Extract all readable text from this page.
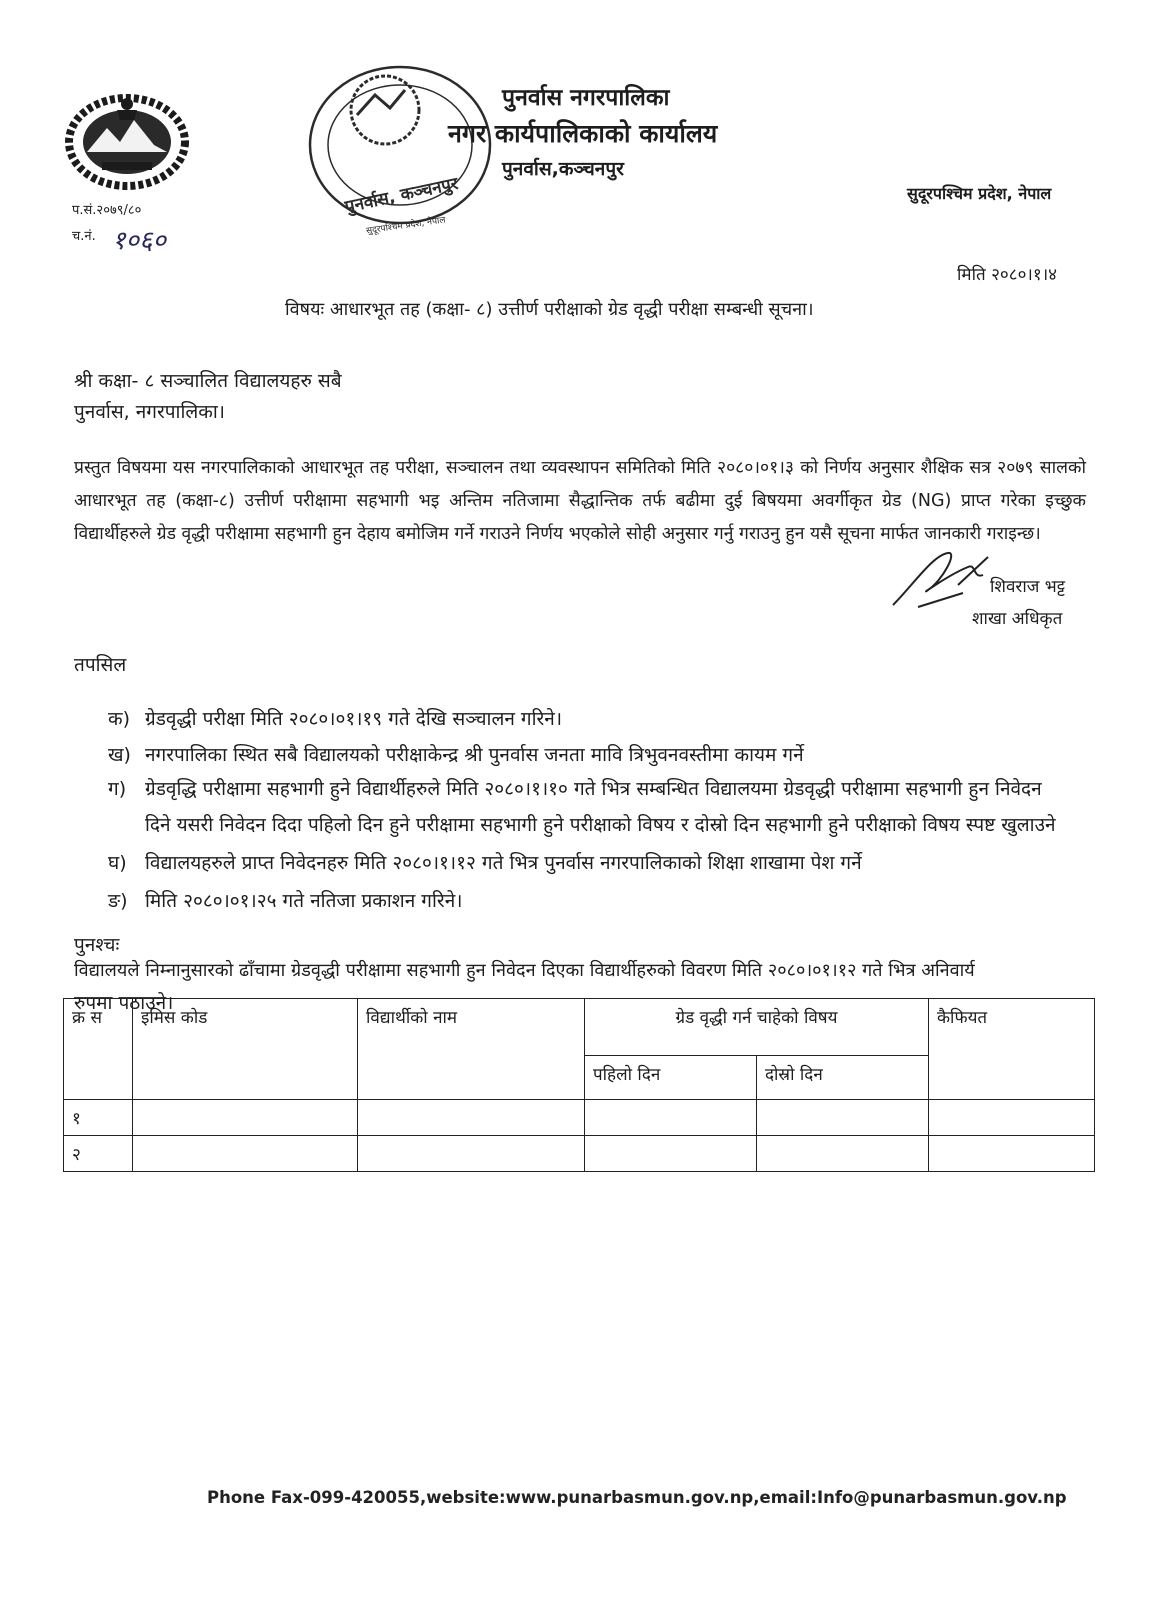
प.सं.२०७९/८०
च.नं. १०६०
पुनर्वास, कञ्चनपुर
सुदूरपश्चिम प्रदेश, नेपाल
पुनर्वास नगरपालिका
नगर कार्यपालिकाको कार्यालय
पुनर्वास,कञ्चनपुर
सुदूरपश्चिम प्रदेश, नेपाल
मिति २०८०।१।४
विषयः आधारभूत तह (कक्षा- ८) उत्तीर्ण परीक्षाको ग्रेड वृद्धी परीक्षा सम्बन्धी सूचना।
श्री कक्षा- ८ सञ्चालित विद्यालयहरु सबै
पुनर्वास, नगरपालिका।
प्रस्तुत विषयमा यस नगरपालिकाको आधारभूत तह परीक्षा, सञ्चालन तथा व्यवस्थापन समितिको मिति २०८०।०१।३ को निर्णय अनुसार शैक्षिक सत्र २०७९ सालको आधारभूत तह (कक्षा-८) उत्तीर्ण परीक्षामा सहभागी भइ अन्तिम नतिजामा सैद्धान्तिक तर्फ बढीमा दुई बिषयमा अवर्गीकृत ग्रेड (NG) प्राप्त गरेका इच्छुक विद्यार्थीहरुले ग्रेड वृद्धी परीक्षामा सहभागी हुन देहाय बमोजिम गर्ने गराउने निर्णय भएकोले सोही अनुसार गर्नु गराउनु हुन यसै सूचना मार्फत जानकारी गराइन्छ।
शिवराज भट्ट
शाखा अधिकृत
तपसिल
क) ग्रेडवृद्धी परीक्षा मिति २०८०।०१।१९ गते देखि सञ्चालन गरिने।
ख) नगरपालिका स्थित सबै विद्यालयको परीक्षाकेन्द्र श्री पुनर्वास जनता मावि त्रिभुवनवस्तीमा कायम गर्ने
ग) ग्रेडवृद्धि परीक्षामा सहभागी हुने विद्यार्थीहरुले मिति २०८०।१।१० गते भित्र सम्बन्धित विद्यालयमा ग्रेडवृद्धी परीक्षामा सहभागी हुन निवेदन
दिने यसरी निवेदन दिदा पहिलो दिन हुने परीक्षामा सहभागी हुने परीक्षाको विषय र दोस्रो दिन सहभागी हुने परीक्षाको विषय स्पष्ट खुलाउने
घ) विद्यालयहरुले प्राप्त निवेदनहरु मिति २०८०।१।१२ गते भित्र पुनर्वास नगरपालिकाको शिक्षा शाखामा पेश गर्ने
ङ) मिति २०८०।०१।२५ गते नतिजा प्रकाशन गरिने।
पुनश्चः
विद्यालयले निम्नानुसारको ढाँचामा ग्रेडवृद्धी परीक्षामा सहभागी हुन निवेदन दिएका विद्यार्थीहरुको विवरण मिति २०८०।०१।१२ गते भित्र अनिवार्य
रुपमा पठाउने।
क्र स	इमिस कोड	विद्यार्थीको नाम	ग्रेड वृद्धी गर्न चाहेको विषय		कैफियत
			पहिलो दिन	दोस्रो दिन	
१					
२					
Phone Fax-099-420055,website:www.punarbasmun.gov.np,email:Info@punarbasmun.gov.np
